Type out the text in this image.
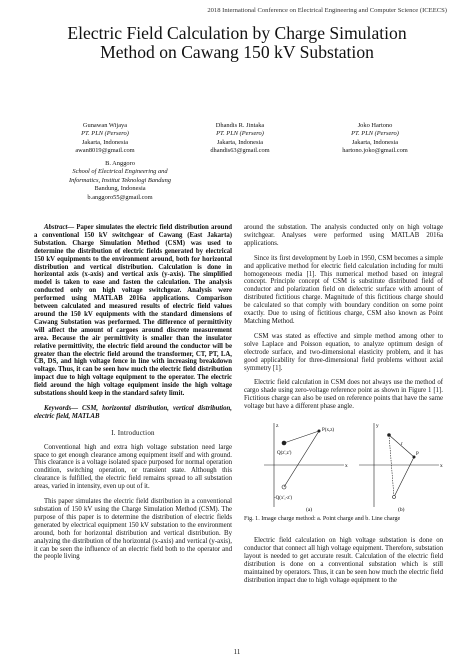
2018 International Conference on Electrical Engineering and Computer Science (ICEECS)
Electric Field Calculation by Charge Simulation
Method on Cawang 150 kV Substation
Gunawan Wijaya
PT. PLN (Persero)
Jakarta, Indonesia
awan8019@gmail.com
Dhandis R. Jintaka
PT. PLN (Persero)
Jakarta, Indonesia
dhandis63@gmail.com
Joko Hartono
PT. PLN (Persero)
Jakarta, Indonesia
hartono.joko@gmail.com
B. Anggoro
School of Electrical Engineering and
Informatics, Institut Teknologi Bandung
Bandung, Indonesia
b.anggoro55@gmail.com

Abstract— Paper simulates the electric field distribution around a conventional 150 kV switchgear of Cawang (East Jakarta) Substation. Charge Simulation Method (CSM) was used to determine the distribution of electric fields generated by electrical 150 kV equipments to the environment around, both for horizontal distribution and vertical distribution. Calculation is done in horizontal axis (x-axis) and vertical axis (y-axis). The simplified model is taken to ease and fasten the calculation. The analysis conducted only on high voltage switchgear. Analysis were performed using MATLAB 2016a applications. Comparison between calculated and measured results of electric field values around the 150 kV equipments with the standard dimensions of Cawang Substation was performed. The difference of permittivity will affect the amount of cargoes around discrete measurement area. Because the air permittivity is smaller than the insulator relative permittivity, the electric field around the conductor will be greater than the electric field around the transformer, CT, PT, LA, CB, DS, and high voltage fence in line with increasing breakdown voltage. Thus, it can be seen how much the electric field distribution impact due to high voltage equipment to the operator. The electric field around the high voltage equipment inside the high voltage substations should keep in the standard safety limit.

Keywords— CSM, horizontal distribution, vertical distribution, electric field, MATLAB

I. Introduction

Conventional high and extra high voltage substation need large space to get enough clearance among equipment itself and with ground. This clearance is a voltage isolated space purposed for normal operation condition, switching operation, or transient state. Although this clearance is fulfilled, the electric field remains spread to all substation areas, varied in intensity, even up out of it.

This paper simulates the electric field distribution in a conventional substation of 150 kV using the Charge Simulation Method (CSM). The purpose of this paper is to determine the distribution of electric fields generated by electrical equipment 150 kV substation to the environment around, both for horizontal distribution and vertical distribution. By analyzing the distribution of the horizontal (x-axis) and vertical (y-axis), it can be seen the influence of an electric field both to the operator and the people living

around the substation. The analysis conducted only on high voltage switchgear. Analyses were performed using MATLAB 2016a applications.

Since its first development by Loeb in 1950, CSM becomes a simple and applicative method for electric field calculation including for multi homogeneous media [1]. This numerical method based on integral concept. Principle concept of CSM is substitute distributed field of conductor and polarization field on dielectric surface with amount of distributed fictitious charge. Magnitude of this fictitious charge should be calculated so that comply with boundary condition on some point exactly. Due to using of fictitious charge, CSM also known as Point Matching Method.

CSM was stated as effective and simple method among other to solve Laplace and Poisson equation, to analyze optimum design of electrode surface, and two-dimensional elasticity problem, and it has good applicability for three-dimensional field problems without axial symmetry [1].

Electric field calculation in CSM does not always use the method of cargo shade using zero-voltage reference point as shown in Figure 1 [1]. Fictitious charge can also be used on reference points that have the same voltage but have a different phase angle.

z
x
P(x,z)
Q(z',z')
-Q(x',-z')
(a)
y
x
P
r
(b)
Fig. 1. Image charge method: a. Point charge and b. Line charge

Electric field calculation on high voltage substation is done on conductor that connect all high voltage equipment. Therefore, substation layout is needed to get accurate result. Calculation of the electric field distribution is done on a conventional substation which is still maintained by operators. Thus, it can be seen how much the electric field distribution impact due to high voltage equipment to the

11
